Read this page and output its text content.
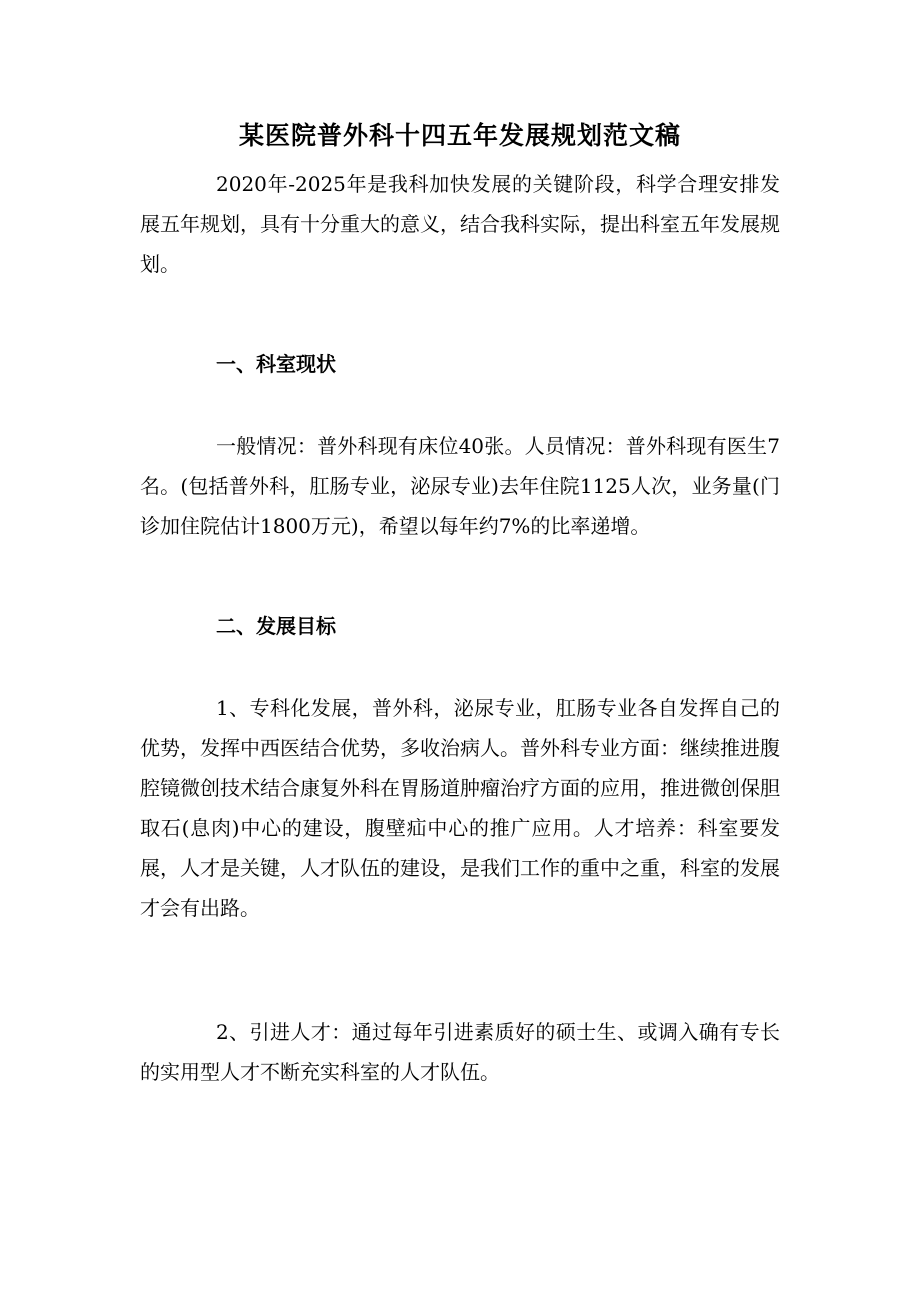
某医院普外科十四五年发展规划范文稿

2020年-2025年是我科加快发展的关键阶段，科学合理安排发展五年规划，具有十分重大的意义，结合我科实际，提出科室五年发展规划。

一、科室现状

一般情况：普外科现有床位40张。人员情况：普外科现有医生7名。(包括普外科，肛肠专业，泌尿专业)去年住院1125人次，业务量(门诊加住院估计1800万元)，希望以每年约7%的比率递增。

二、发展目标

1、专科化发展，普外科，泌尿专业，肛肠专业各自发挥自己的优势，发挥中西医结合优势，多收治病人。普外科专业方面：继续推进腹腔镜微创技术结合康复外科在胃肠道肿瘤治疗方面的应用，推进微创保胆取石(息肉)中心的建设，腹壁疝中心的推广应用。人才培养：科室要发展，人才是关键，人才队伍的建设，是我们工作的重中之重，科室的发展才会有出路。

2、引进人才：通过每年引进素质好的硕士生、或调入确有专长的实用型人才不断充实科室的人才队伍。
